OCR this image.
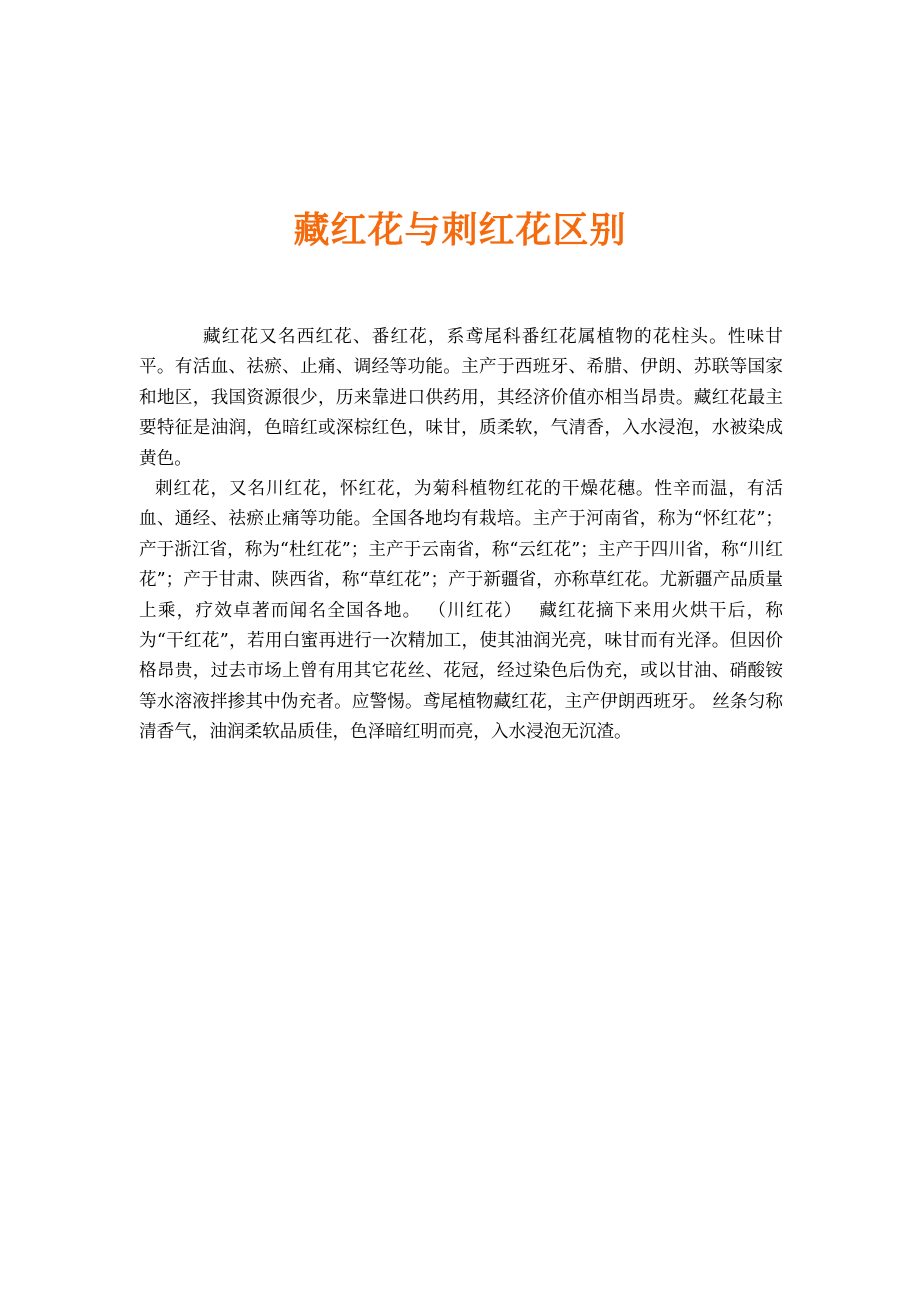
藏红花与刺红花区别

藏红花又名西红花、番红花，系鸢尾科番红花属植物的花柱头。性味甘平。有活血、祛瘀、止痛、调经等功能。主产于西班牙、希腊、伊朗、苏联等国家和地区，我国资源很少，历来靠进口供药用，其经济价值亦相当昂贵。藏红花最主要特征是油润，色暗红或深棕红色，味甘，质柔软，气清香，入水浸泡，水被染成黄色。

刺红花，又名川红花，怀红花，为菊科植物红花的干燥花穗。性辛而温，有活血、通经、祛瘀止痛等功能。全国各地均有栽培。主产于河南省，称为“怀红花”；产于浙江省，称为“杜红花”；主产于云南省，称“云红花”；主产于四川省，称“川红花”；产于甘肃、陕西省，称“草红花”；产于新疆省，亦称草红花。尤新疆产品质量上乘，疗效卓著而闻名全国各地。 （川红花）　 藏红花摘下来用火烘干后，称为“干红花”，若用白蜜再进行一次精加工，使其油润光亮，味甘而有光泽。但因价格昂贵，过去市场上曾有用其它花丝、花冠，经过染色后伪充，或以甘油、硝酸铵等水溶液拌掺其中伪充者。应警惕。鸢尾植物藏红花，主产伊朗西班牙。 丝条匀称清香气，油润柔软品质佳，色泽暗红明而亮，入水浸泡无沉渣。
